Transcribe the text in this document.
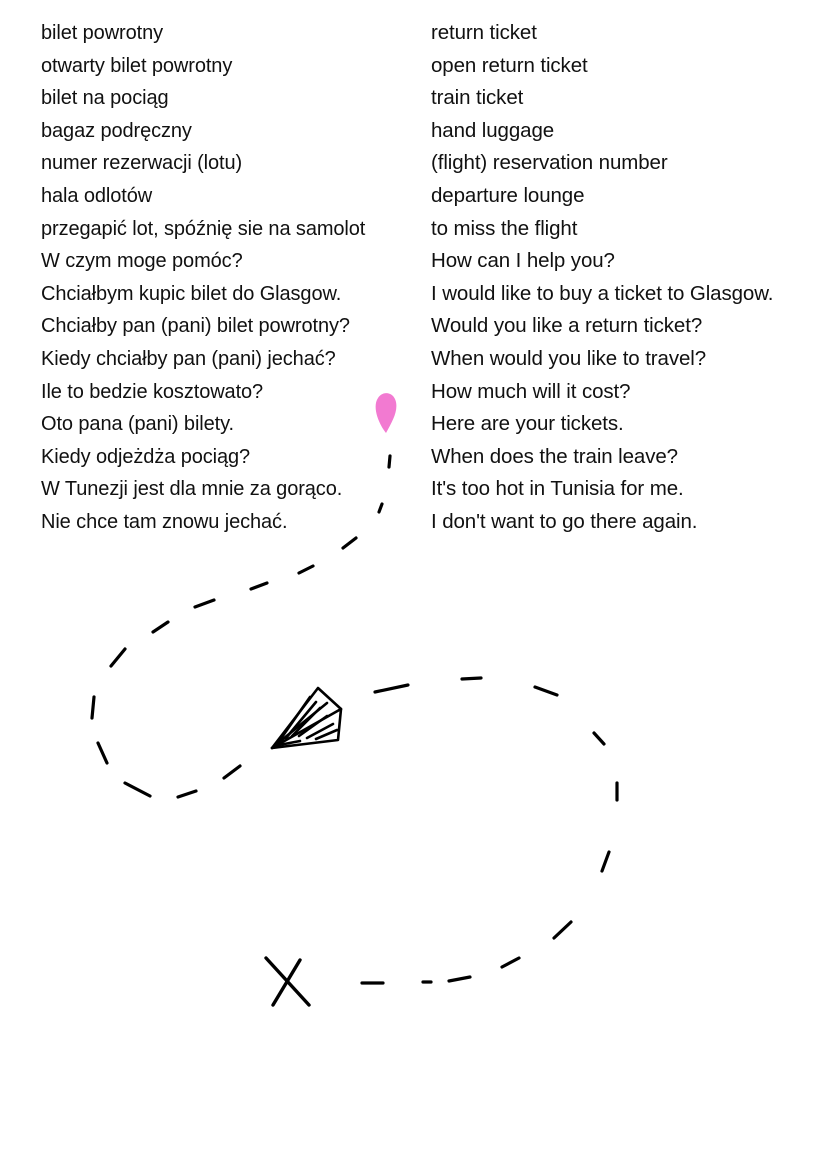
bilet powrotny
otwarty bilet powrotny
bilet na pociąg
bagaz podręczny
numer rezerwacji (lotu)
hala odlotów
przegapić lot, spóźnię sie na samolot
W czym moge pomóc?
Chciałbym kupic bilet do Glasgow.
Chciałby pan (pani) bilet powrotny?
Kiedy chciałby pan (pani) jechać?
Ile to bedzie kosztowato?
Oto pana (pani) bilety.
Kiedy odjeżdża pociąg?
W Tunezji jest dla mnie za gorąco.
Nie chce tam znowu jechać.
return ticket
open return ticket
train ticket
hand luggage
(flight) reservation number
departure lounge
to miss the flight
How can I help you?
I would like to buy a ticket to Glasgow.
Would you like a return ticket?
When would you like to travel?
How much will it cost?
Here are your tickets.
When does the train leave?
It's too hot in Tunisia for me.
I don't want to go there again.
